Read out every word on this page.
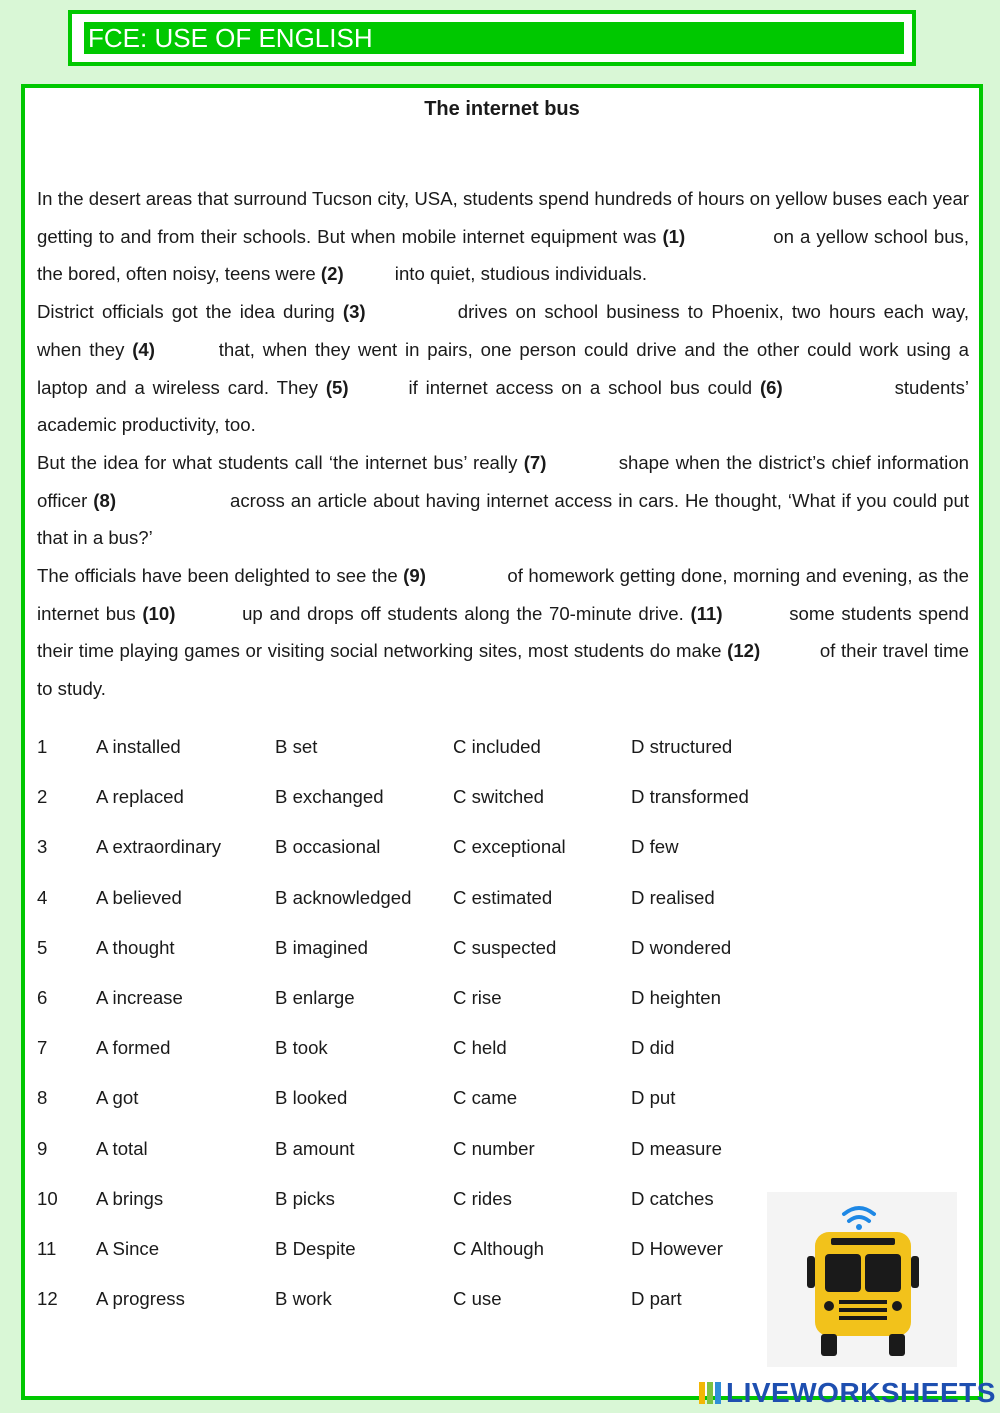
FCE: USE OF ENGLISH
The internet bus

In the desert areas that surround Tucson city, USA, students spend hundreds of hours on yellow buses each year getting to and from their schools. But when mobile internet equipment was (1)	on a yellow school bus, the bored, often noisy, teens were (2) into quiet, studious individuals.

District officials got the idea during (3)	drives on school business to Phoenix, two hours each way, when they (4)	that, when they went in pairs, one person could drive and the other could work using a laptop and a wireless card. They (5)	if internet access on a school bus could (6)	students’ academic productivity, too.

But the idea for what students call ‘the internet bus’ really (7)	shape when the district’s chief information officer (8)	across an article about having internet access in cars. He thought, ‘What if you could put that in a bus?’

The officials have been delighted to see the (9)	of homework getting done, morning and evening, as the internet bus (10)	up and drops off students along the 70-minute drive. (11)	some students spend their time playing games or visiting social networking sites, most students do make (12)	of their travel time to study.

1	A installed	B set	C included	D structured
2	A replaced	B exchanged	C switched	D transformed
3	A extraordinary	B occasional	C exceptional	D few
4	A believed	B acknowledged C estimated	D realised
5	A thought	B imagined	C suspected	D wondered
6	A increase	B enlarge	C rise	D heighten
7	A formed	B took	C held	D did
8	A got	B looked	C came	D put
9	A total	B amount	C number	D measure
10 A brings	B picks	C rides	D catches
11 A Since	B Despite	C Although	D However
12 A progress	B work	C use	D part
LIVEWORKSHEETS
